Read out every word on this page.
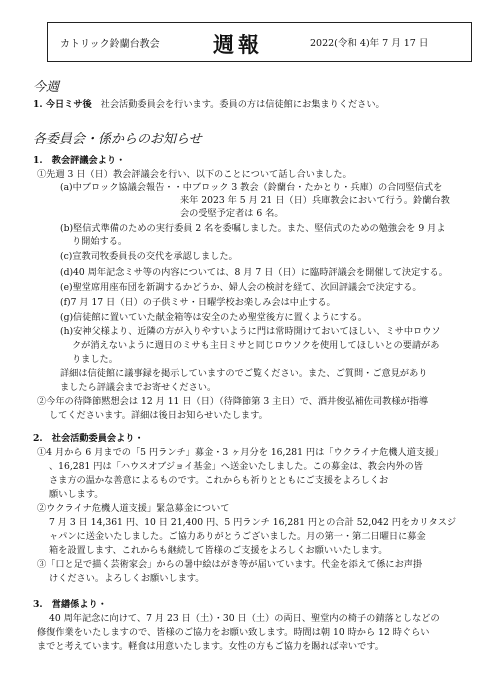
カトリック鈴蘭台教会	週報	2022(令和 4)年 7 月 17 日
今週
1. 今日ミサ後 社会活動委員会を行います。委員の方は信徒館にお集まりください。
各委員会・係からのお知らせ
1.　教会評議会より・
①先週 3 日（日）教会評議会を行い、以下のことについて話し合いました。
(a)中ブロック協議会報告・・中ブロック 3 教会（鈴蘭台・たかとり・兵庫）の合同堅信式を
来年 2023 年 5 月 21 日（日）兵庫教会において行う。鈴蘭台教
会の受堅予定者は 6 名。
(b)堅信式準備のための実行委員 2 名を委嘱しました。また、堅信式のための勉強会を 9 月よ
り開始する。
(c)宣教司牧委員長の交代を承認しました。
(d)40 周年記念ミサ等の内容については、8 月 7 日（日）に臨時評議会を開催して決定する。
(e)聖堂席用座布団を新調するかどうか、婦人会の検討を経て、次回評議会で決定する。
(f)7 月 17 日（日）の子供ミサ・日曜学校お楽しみ会は中止する。
(g)信徒館に置いていた献金箱等は安全のため聖堂後方に置くようにする。
(h)安神父様より、近隣の方が入りやすいように門は常時開けておいてほしい、ミサ中ロウソ
クが消えないように週日のミサも主日ミサと同じロウソクを使用してほしいとの要請があ
りました。
詳細は信徒館に議事録を掲示していますのでご覧ください。また、ご質問・ご意見があり
ましたら評議会までお寄せください。
②今年の待降節黙想会は 12 月 11 日（日）（待降節第 3 主日）で、酒井俊弘補佐司教様が指導
してくださいます。詳細は後日お知らせいたします。
2.　社会活動委員会より・
①4 月から 6 月までの「5 円ランチ」募金・3 ヶ月分を 16,281 円は「ウクライナ危機人道支援」
、16,281 円は「ハウスオブジョイ基金」へ送金いたしました。この募金は、教会内外の皆
さま方の温かな善意によるものです。これからも祈りとともにご支援をよろしくお
願いします。
②ウクライナ危機人道支援」緊急募金について
7 月 3 日 14,361 円、10 日 21,400 円、5 円ランチ 16,281 円との合計 52,042 円をカリタスジ
ャパンに送金いたしました。ご協力ありがとうございました。月の第一・第二日曜日に募金
箱を設置します、これからも継続して皆様のご支援をよろしくお願いいたします。
③「口と足で描く芸術家会」からの暑中絵はがき等が届いています。代金を添えて係にお声掛
けください。よろしくお願いします。
3.　営繕係より・
40 周年記念に向けて、7 月 23 日（土）・30 日（土）の両日、聖堂内の椅子の錆落としなどの
修復作業をいたしますので、皆様のご協力をお願い致します。時間は朝 10 時から 12 時ぐらい
までと考えています。軽食は用意いたします。女性の方もご協力を賜れば幸いです。
